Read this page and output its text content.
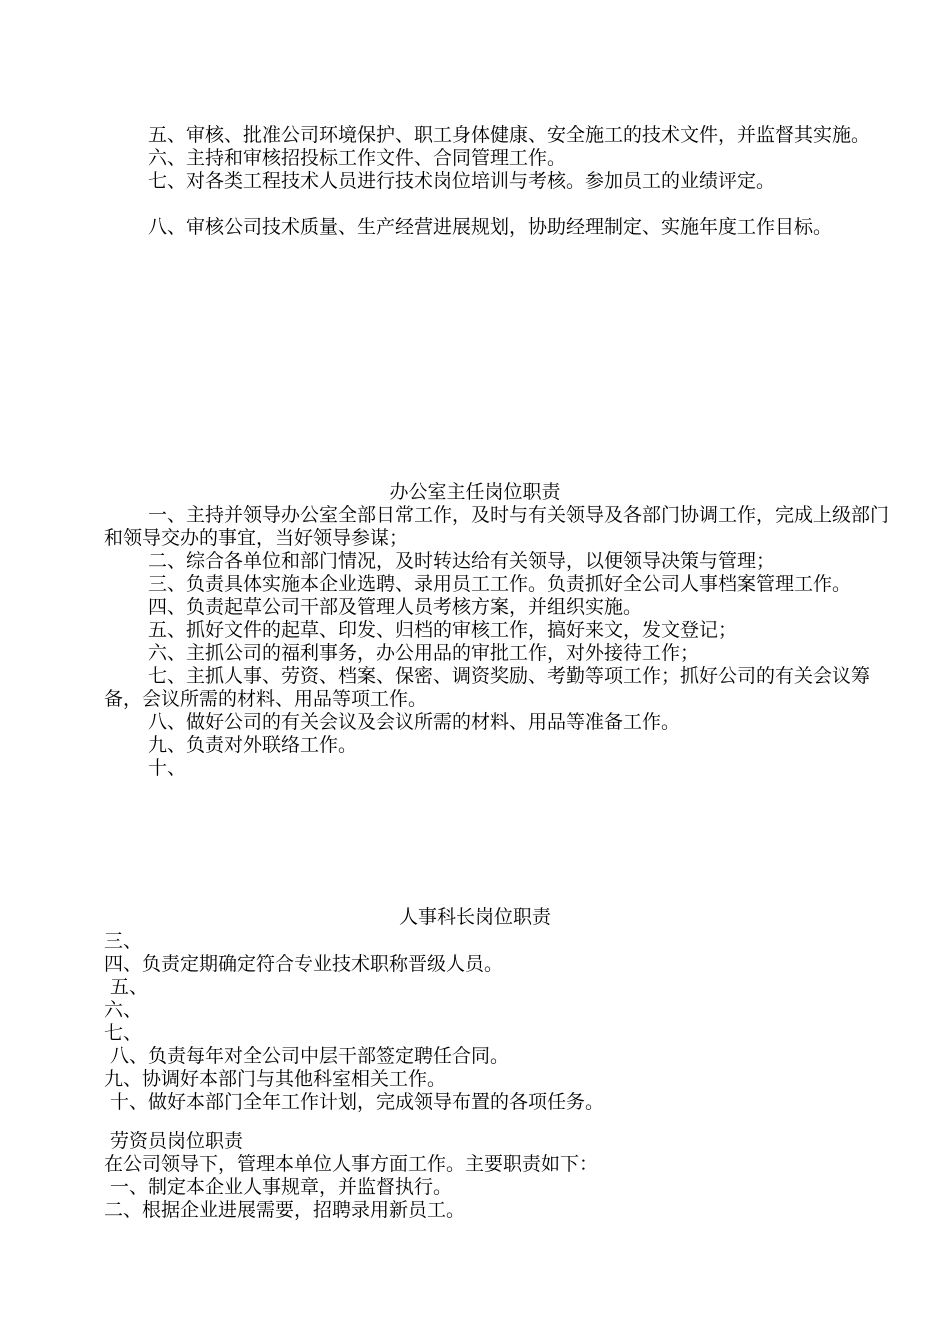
五、审核、批准公司环境保护、职工身体健康、安全施工的技术文件，并监督其实施。

六、主持和审核招投标工作文件、合同管理工作。

七、对各类工程技术人员进行技术岗位培训与考核。参加员工的业绩评定。

八、审核公司技术质量、生产经营进展规划，协助经理制定、实施年度工作目标。

办公室主任岗位职责

一、主持并领导办公室全部日常工作，及时与有关领导及各部门协调工作，完成上级部门和领导交办的事宜，当好领导参谋；

二、综合各单位和部门情况，及时转达给有关领导，以便领导决策与管理；

三、负责具体实施本企业选聘、录用员工工作。负责抓好全公司人事档案管理工作。

四、负责起草公司干部及管理人员考核方案，并组织实施。

五、抓好文件的起草、印发、归档的审核工作，搞好来文，发文登记；

六、主抓公司的福利事务，办公用品的审批工作，对外接待工作；

七、主抓人事、劳资、档案、保密、调资奖励、考勤等项工作；抓好公司的有关会议筹备，会议所需的材料、用品等项工作。

八、做好公司的有关会议及会议所需的材料、用品等准备工作。

九、负责对外联络工作。

十、

人事科长岗位职责

三、

四、负责定期确定符合专业技术职称晋级人员。

五、

六、

七、

八、负责每年对全公司中层干部签定聘任合同。

九、协调好本部门与其他科室相关工作。

十、做好本部门全年工作计划，完成领导布置的各项任务。

劳资员岗位职责

在公司领导下，管理本单位人事方面工作。主要职责如下：

一、制定本企业人事规章，并监督执行。

二、根据企业进展需要，招聘录用新员工。
